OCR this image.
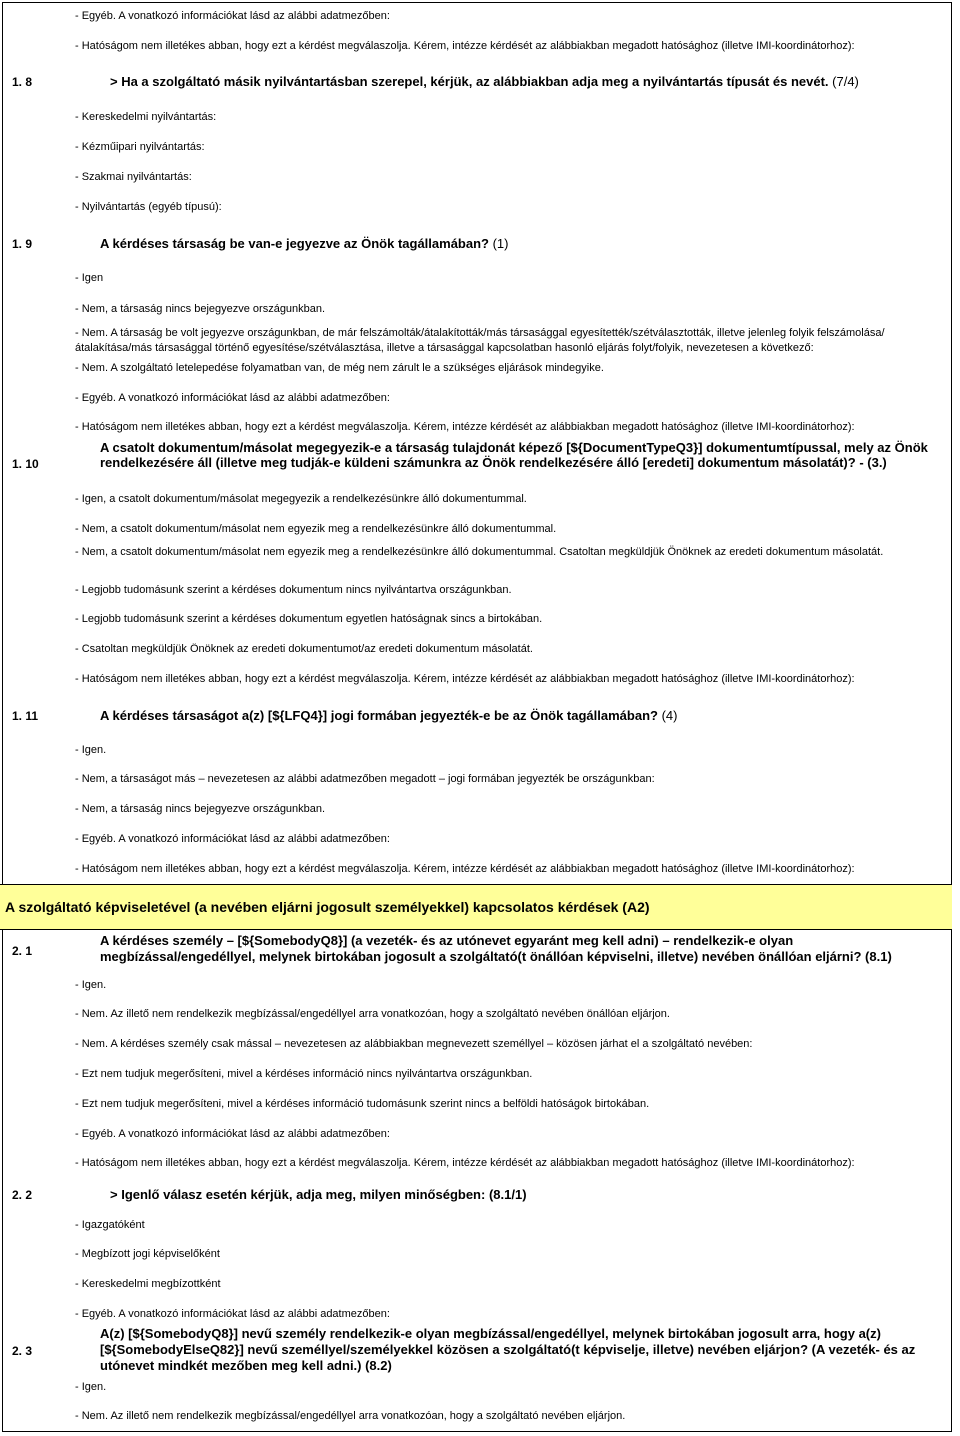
- Egyéb. A vonatkozó információkat lásd az alábbi adatmezőben:
- Hatóságom nem illetékes abban, hogy ezt a kérdést megválaszolja. Kérem, intézze kérdését az alábbiakban megadott hatósághoz (illetve IMI-koordinátorhoz):
1. 8	> Ha a szolgáltató másik nyilvántartásban szerepel, kérjük, az alábbiakban adja meg a nyilvántartás típusát és nevét. (7/4)
- Kereskedelmi nyilvántartás:
- Kézműipari nyilvántartás:
- Szakmai nyilvántartás:
- Nyilvántartás (egyéb típusú):
1. 9	A kérdéses társaság be van-e jegyezve az Önök tagállamában? (1)
- Igen
- Nem, a társaság nincs bejegyezve országunkban.
- Nem. A társaság be volt jegyezve országunkban, de már felszámolták/átalakították/más társasággal egyesítették/szétválasztották, illetve jelenleg folyik felszámolása/átalakítása/más társasággal történő egyesítése/szétválasztása, illetve a társasággal kapcsolatban hasonló eljárás folyt/folyik, nevezetesen a következő:
- Nem. A szolgáltató letelepedése folyamatban van, de még nem zárult le a szükséges eljárások mindegyike.
- Egyéb. A vonatkozó információkat lásd az alábbi adatmezőben:
- Hatóságom nem illetékes abban, hogy ezt a kérdést megválaszolja. Kérem, intézze kérdését az alábbiakban megadott hatósághoz (illetve IMI-koordinátorhoz):
1. 10
A csatolt dokumentum/másolat megegyezik-e a társaság tulajdonát képező [${DocumentTypeQ3}] dokumentumtípussal, mely az Önök rendelkezésére áll (illetve meg tudják-e küldeni számunkra az Önök rendelkezésére álló [eredeti] dokumentum másolatát)? - (3.)
- Igen, a csatolt dokumentum/másolat megegyezik a rendelkezésünkre álló dokumentummal.
- Nem, a csatolt dokumentum/másolat nem egyezik meg a rendelkezésünkre álló dokumentummal.
- Nem, a csatolt dokumentum/másolat nem egyezik meg a rendelkezésünkre álló dokumentummal. Csatoltan megküldjük Önöknek az eredeti dokumentum másolatát.
- Legjobb tudomásunk szerint a kérdéses dokumentum nincs nyilvántartva országunkban.
- Legjobb tudomásunk szerint a kérdéses dokumentum egyetlen hatóságnak sincs a birtokában.
- Csatoltan megküldjük Önöknek az eredeti dokumentumot/az eredeti dokumentum másolatát.
- Hatóságom nem illetékes abban, hogy ezt a kérdést megválaszolja. Kérem, intézze kérdését az alábbiakban megadott hatósághoz (illetve IMI-koordinátorhoz):
1. 11	A kérdéses társaságot a(z) [${LFQ4}] jogi formában jegyezték-e be az Önök tagállamában? (4)
- Igen.
- Nem, a társaságot más – nevezetesen az alábbi adatmezőben megadott – jogi formában jegyezték be országunkban:
- Nem, a társaság nincs bejegyezve országunkban.
- Egyéb. A vonatkozó információkat lásd az alábbi adatmezőben:
- Hatóságom nem illetékes abban, hogy ezt a kérdést megválaszolja. Kérem, intézze kérdését az alábbiakban megadott hatósághoz (illetve IMI-koordinátorhoz):
A szolgáltató képviseletével (a nevében eljárni jogosult személyekkel) kapcsolatos kérdések (A2)
2. 1
A kérdéses személy – [${SomebodyQ8}] (a vezeték- és az utónevet egyaránt meg kell adni) – rendelkezik-e olyan megbízással/engedéllyel, melynek birtokában jogosult a szolgáltató(t önállóan képviselni, illetve) nevében önállóan eljárni? (8.1)
- Igen.
- Nem. Az illető nem rendelkezik megbízással/engedéllyel arra vonatkozóan, hogy a szolgáltató nevében önállóan eljárjon.
- Nem. A kérdéses személy csak mással – nevezetesen az alábbiakban megnevezett személlyel – közösen járhat el a szolgáltató nevében:
- Ezt nem tudjuk megerősíteni, mivel a kérdéses információ nincs nyilvántartva országunkban.
- Ezt nem tudjuk megerősíteni, mivel a kérdéses információ tudomásunk szerint nincs a belföldi hatóságok birtokában.
- Egyéb. A vonatkozó információkat lásd az alábbi adatmezőben:
- Hatóságom nem illetékes abban, hogy ezt a kérdést megválaszolja. Kérem, intézze kérdését az alábbiakban megadott hatósághoz (illetve IMI-koordinátorhoz):
2. 2	> Igenlő válasz esetén kérjük, adja meg, milyen minőségben: (8.1/1)
- Igazgatóként
- Megbízott jogi képviselőként
- Kereskedelmi megbízottként
- Egyéb. A vonatkozó információkat lásd az alábbi adatmezőben:
2. 3
A(z) [${SomebodyQ8}] nevű személy rendelkezik-e olyan megbízással/engedéllyel, melynek birtokában jogosult arra, hogy a(z) [${SomebodyElseQ82}] nevű személlyel/személyekkel közösen a szolgáltató(t képviselje, illetve) nevében eljárjon? (A vezeték- és az utónevet mindkét mezőben meg kell adni.) (8.2)
- Igen.
- Nem. Az illető nem rendelkezik megbízással/engedéllyel arra vonatkozóan, hogy a szolgáltató nevében eljárjon.
